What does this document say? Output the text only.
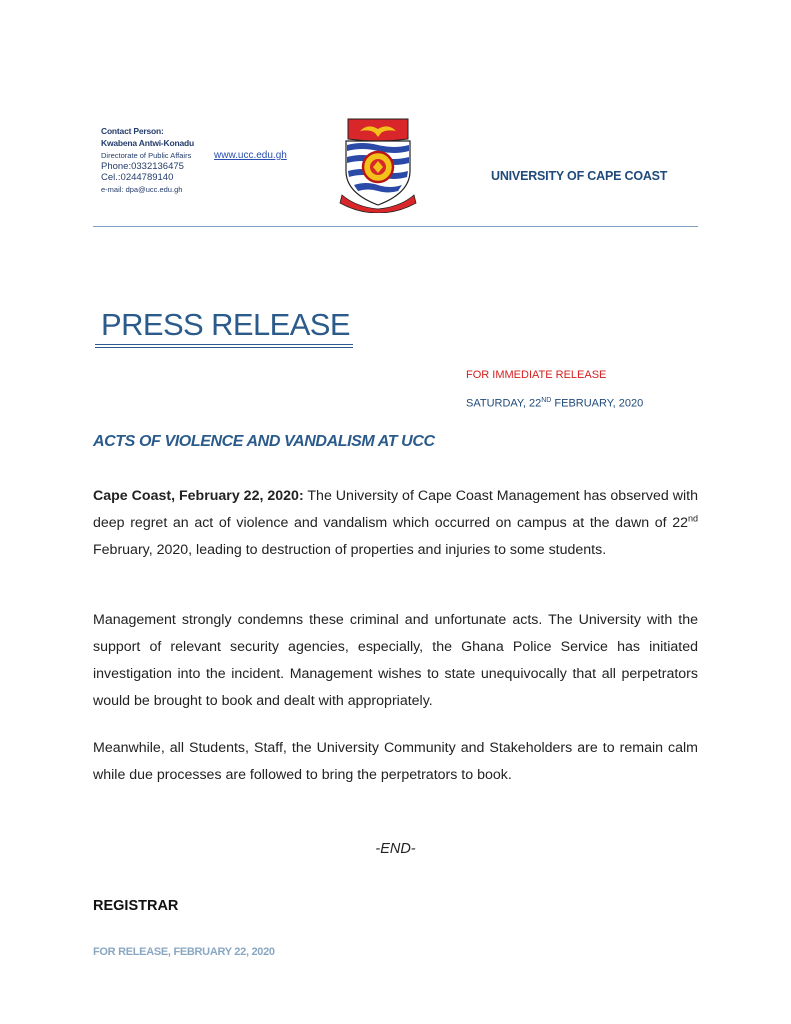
Contact Person:
Kwabena Antwi-Konadu
Directorate of Public Affairs
Phone:0332136475
Cel.:0244789140
e-mail: dpa@ucc.edu.gh
www.ucc.edu.gh
UNIVERSITY OF CAPE COAST
PRESS RELEASE
FOR IMMEDIATE RELEASE
SATURDAY, 22ND FEBRUARY, 2020
ACTS OF VIOLENCE AND VANDALISM AT UCC

Cape Coast, February 22, 2020: The University of Cape Coast Management has observed with deep regret an act of violence and vandalism which occurred on campus at the dawn of 22nd February, 2020, leading to destruction of properties and injuries to some students.

Management strongly condemns these criminal and unfortunate acts. The University with the support of relevant security agencies, especially, the Ghana Police Service has initiated investigation into the incident. Management wishes to state unequivocally that all perpetrators would be brought to book and dealt with appropriately.

Meanwhile, all Students, Staff, the University Community and Stakeholders are to remain calm while due processes are followed to bring the perpetrators to book.

-END-
REGISTRAR
FOR RELEASE, FEBRUARY 22, 2020
